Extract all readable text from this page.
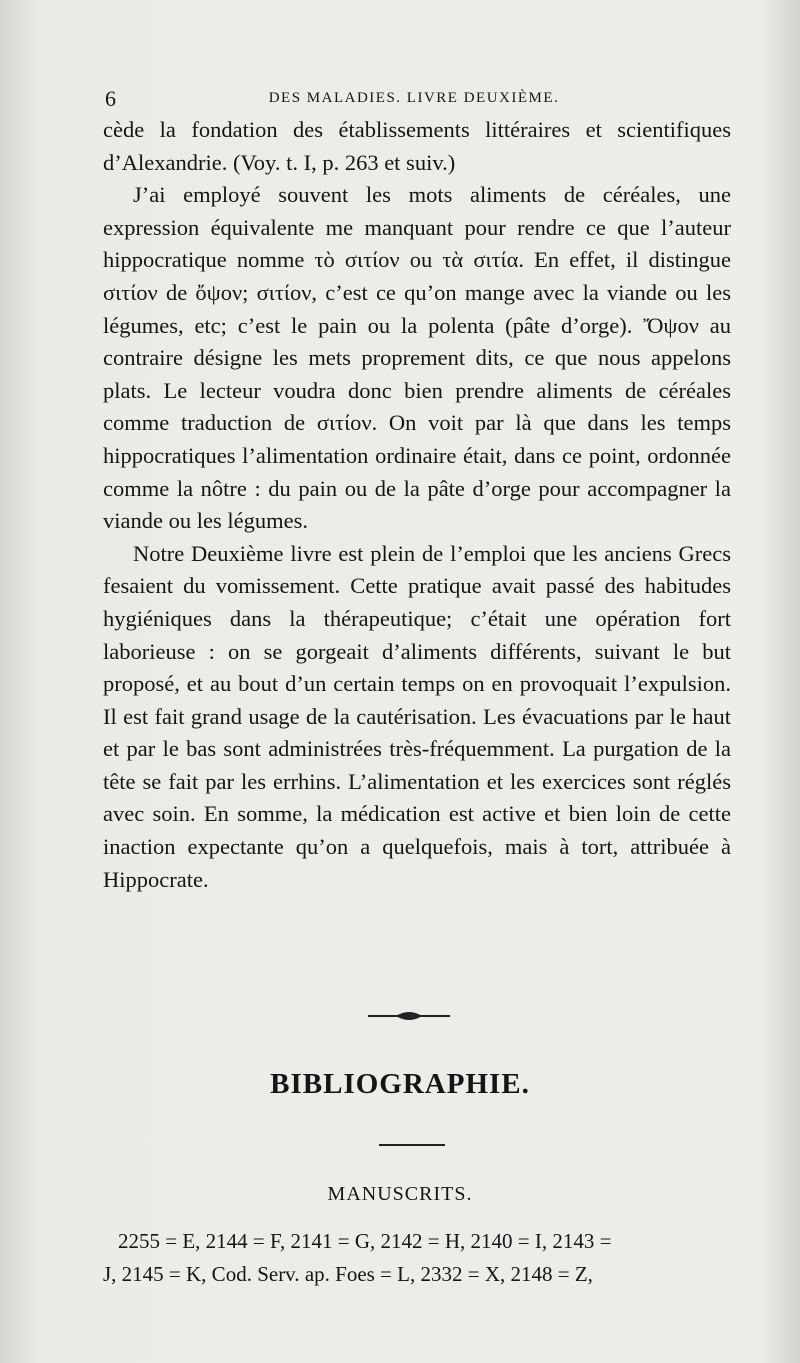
6	DES MALADIES. LIVRE DEUXIÈME.

cède la fondation des établissements littéraires et scientifiques d’Alexandrie. (Voy. t. I, p. 263 et suiv.)

J’ai employé souvent les mots aliments de céréales, une expression équivalente me manquant pour rendre ce que l’auteur hippocratique nomme τὸ σιτίον ou τὰ σιτία. En effet, il distingue σιτίον de ὄψον; σιτίον, c’est ce qu’on mange avec la viande ou les légumes, etc; c’est le pain ou la polenta (pâte d’orge). Ὄψον au contraire désigne les mets proprement dits, ce que nous appelons plats. Le lecteur voudra donc bien prendre aliments de céréales comme traduction de σιτίον. On voit par là que dans les temps hippocratiques l’alimentation ordinaire était, dans ce point, ordonnée comme la nôtre : du pain ou de la pâte d’orge pour accompagner la viande ou les légumes.

Notre Deuxième livre est plein de l’emploi que les anciens Grecs fesaient du vomissement. Cette pratique avait passé des habitudes hygiéniques dans la thérapeutique; c’était une opération fort laborieuse : on se gorgeait d’aliments différents, suivant le but proposé, et au bout d’un certain temps on en provoquait l’expulsion. Il est fait grand usage de la cautérisation. Les évacuations par le haut et par le bas sont administrées très-fréquemment. La purgation de la tête se fait par les errhins. L’alimentation et les exercices sont réglés avec soin. En somme, la médication est active et bien loin de cette inaction expectante qu’on a quelquefois, mais à tort, attribuée à Hippocrate.

BIBLIOGRAPHIE.
MANUSCRITS.

2255 = E, 2144 = F, 2141 = G, 2142 = H, 2140 = I, 2143 =

J, 2145 = K, Cod. Serv. ap. Foes = L, 2332 = X, 2148 = Z,
